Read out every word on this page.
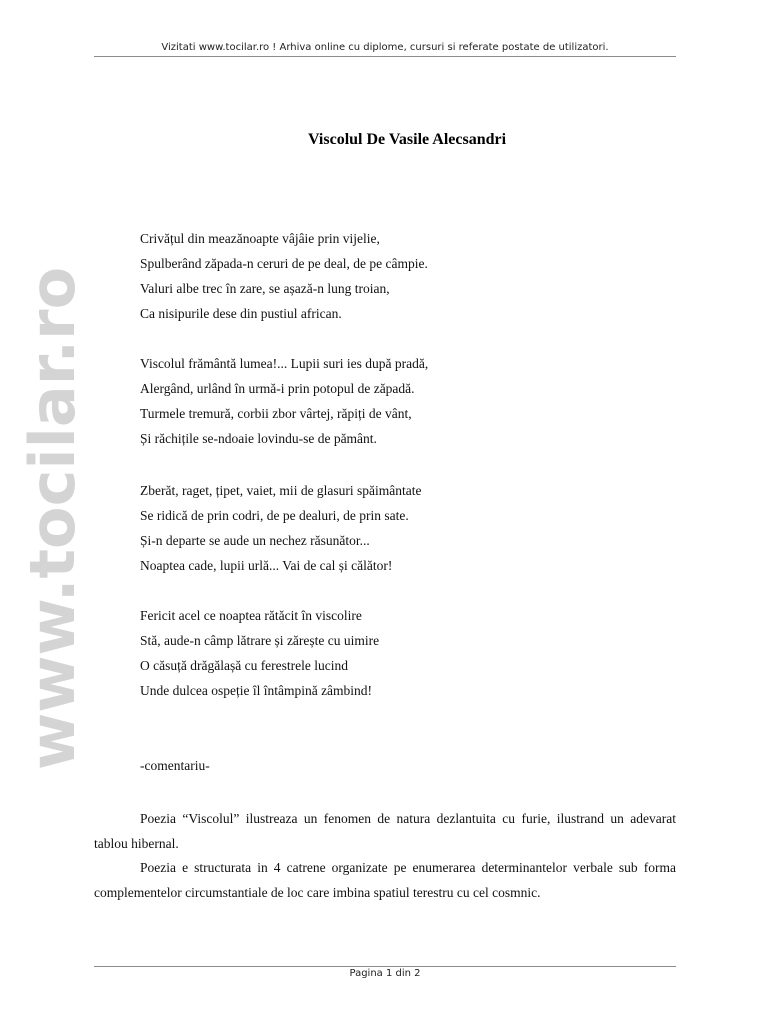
Vizitati www.tocilar.ro ! Arhiva online cu diplome, cursuri si referate postate de utilizatori.
www.tocilar.ro
Viscolul De Vasile Alecsandri
Crivățul din meazănoapte vâjâie prin vijelie,
Spulberând zăpada-n ceruri de pe deal, de pe câmpie.
Valuri albe trec în zare, se așază-n lung troian,
Ca nisipurile dese din pustiul african.
Viscolul frământă lumea!... Lupii suri ies după pradă,
Alergând, urlând în urmă-i prin potopul de zăpadă.
Turmele tremură, corbii zbor vârtej, răpiți de vânt,
Și răchițile se-ndoaie lovindu-se de pământ.
Zberăt, raget, țipet, vaiet, mii de glasuri spăimântate
Se ridică de prin codri, de pe dealuri, de prin sate.
Și-n departe se aude un nechez răsunător...
Noaptea cade, lupii urlă... Vai de cal și călător!
Fericit acel ce noaptea rătăcit în viscolire
Stă, aude-n câmp lătrare și zărește cu uimire
O căsuță drăgălașă cu ferestrele lucind
Unde dulcea ospeție îl întâmpină zâmbind!
-comentariu-
Poezia “Viscolul” ilustreaza un fenomen de natura dezlantuita cu furie, ilustrand un adevarat tablou hibernal.
Poezia e structurata in 4 catrene organizate pe enumerarea determinantelor verbale sub forma complementelor circumstantiale de loc care imbina spatiul terestru cu cel cosmnic.
Pagina 1 din 2
